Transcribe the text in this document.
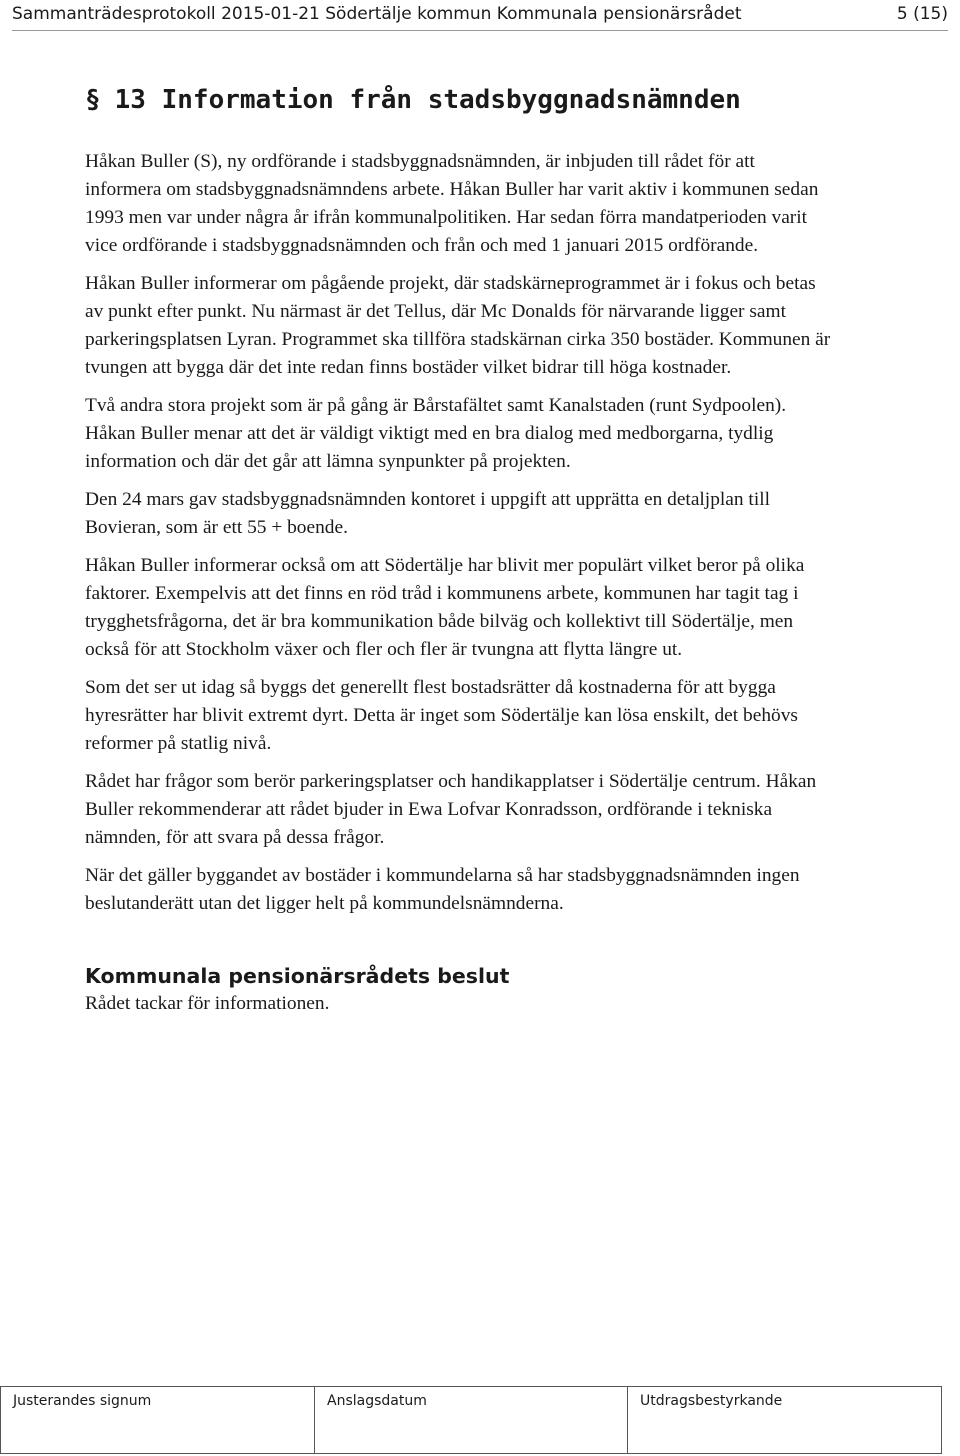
Sammanträdesprotokoll 2015-01-21 Södertälje kommun Kommunala pensionärsrådet	5 (15)
§ 13 Information från stadsbyggnadsnämnden

Håkan Buller (S), ny ordförande i stadsbyggnadsnämnden, är inbjuden till rådet för att
informera om stadsbyggnadsnämndens arbete. Håkan Buller har varit aktiv i kommunen sedan
1993 men var under några år ifrån kommunalpolitiken. Har sedan förra mandatperioden varit
vice ordförande i stadsbyggnadsnämnden och från och med 1 januari 2015 ordförande.

Håkan Buller informerar om pågående projekt, där stadskärneprogrammet är i fokus och betas
av punkt efter punkt. Nu närmast är det Tellus, där Mc Donalds för närvarande ligger samt
parkeringsplatsen Lyran. Programmet ska tillföra stadskärnan cirka 350 bostäder. Kommunen är
tvungen att bygga där det inte redan finns bostäder vilket bidrar till höga kostnader.

Två andra stora projekt som är på gång är Bårstafältet samt Kanalstaden (runt Sydpoolen).

Håkan Buller menar att det är väldigt viktigt med en bra dialog med medborgarna, tydlig
information och där det går att lämna synpunkter på projekten.

Den 24 mars gav stadsbyggnadsnämnden kontoret i uppgift att upprätta en detaljplan till
Bovieran, som är ett 55 + boende.

Håkan Buller informerar också om att Södertälje har blivit mer populärt vilket beror på olika
faktorer. Exempelvis att det finns en röd tråd i kommunens arbete, kommunen har tagit tag i
trygghetsfrågorna, det är bra kommunikation både bilväg och kollektivt till Södertälje, men
också för att Stockholm växer och fler och fler är tvungna att flytta längre ut.

Som det ser ut idag så byggs det generellt flest bostadsrätter då kostnaderna för att bygga
hyresrätter har blivit extremt dyrt. Detta är inget som Södertälje kan lösa enskilt, det behövs
reformer på statlig nivå.

Rådet har frågor som berör parkeringsplatser och handikapplatser i Södertälje centrum. Håkan
Buller rekommenderar att rådet bjuder in Ewa Lofvar Konradsson, ordförande i tekniska
nämnden, för att svara på dessa frågor.

När det gäller byggandet av bostäder i kommundelarna så har stadsbyggnadsnämnden ingen
beslutanderätt utan det ligger helt på kommundelsnämnderna.

Kommunala pensionärsrådets beslut

Rådet tackar för informationen.

Justerandes signum	Anslagsdatum	Utdragsbestyrkande
